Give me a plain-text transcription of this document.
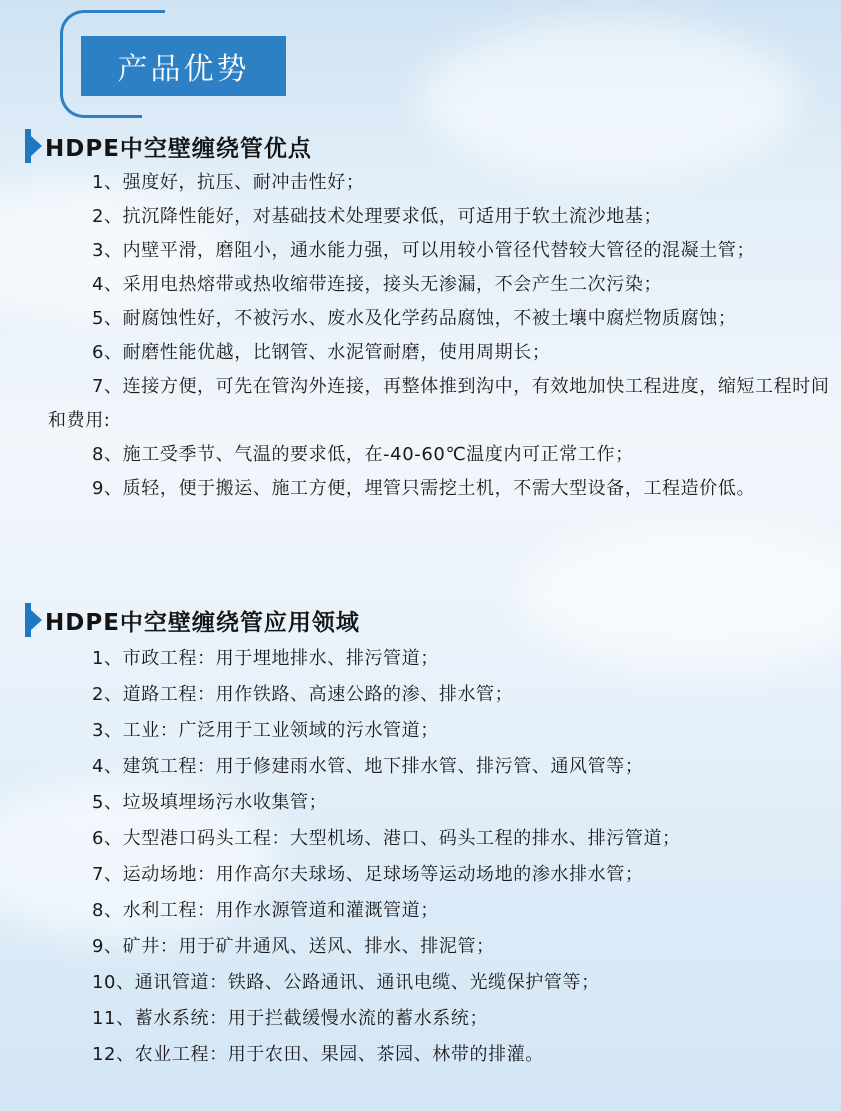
产品优势
HDPE中空壁缠绕管优点
1、强度好，抗压、耐冲击性好；
2、抗沉降性能好，对基础技术处理要求低，可适用于软土流沙地基；
3、内壁平滑，磨阻小，通水能力强，可以用较小管径代替较大管径的混凝土管；
4、采用电热熔带或热收缩带连接，接头无渗漏，不会产生二次污染；
5、耐腐蚀性好，不被污水、废水及化学药品腐蚀，不被土壤中腐烂物质腐蚀；
6、耐磨性能优越，比钢管、水泥管耐磨，使用周期长；
7、连接方便，可先在管沟外连接，再整体推到沟中，有效地加快工程进度，缩短工程时间和费用:
8、施工受季节、气温的要求低，在-40-60℃温度内可正常工作；
9、质轻，便于搬运、施工方便，埋管只需挖土机，不需大型设备，工程造价低。
HDPE中空壁缠绕管应用领域
1、市政工程：用于埋地排水、排污管道；
2、道路工程：用作铁路、高速公路的渗、排水管；
3、工业：广泛用于工业领域的污水管道；
4、建筑工程：用于修建雨水管、地下排水管、排污管、通风管等；
5、垃圾填埋场污水收集管；
6、大型港口码头工程：大型机场、港口、码头工程的排水、排污管道；
7、运动场地：用作高尔夫球场、足球场等运动场地的渗水排水管；
8、水利工程：用作水源管道和灌溉管道；
9、矿井：用于矿井通风、送风、排水、排泥管；
10、通讯管道：铁路、公路通讯、通讯电缆、光缆保护管等；
11、蓄水系统：用于拦截缓慢水流的蓄水系统；
12、农业工程：用于农田、果园、茶园、林带的排灌。
